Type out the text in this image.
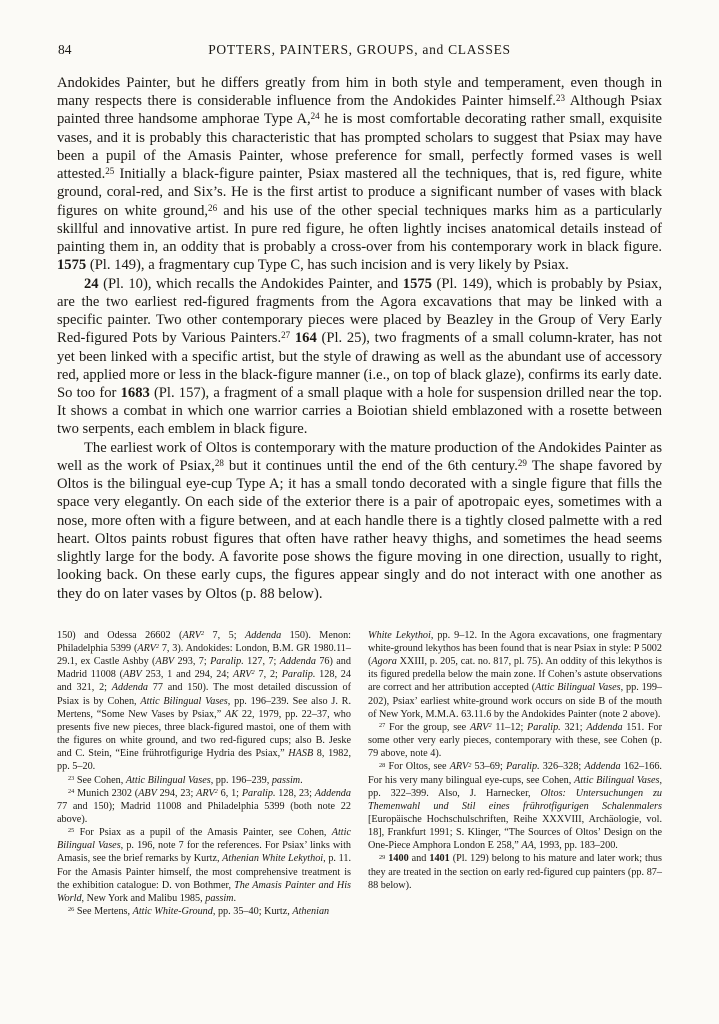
84	POTTERS, PAINTERS, GROUPS, and CLASSES

Andokides Painter, but he differs greatly from him in both style and temperament, even though in many respects there is considerable influence from the Andokides Painter himself.$^{23}$ Although Psiax painted three handsome amphorae Type A,$^{24}$ he is most comfortable decorating rather small, exquisite vases, and it is probably this characteristic that has prompted scholars to suggest that Psiax may have been a pupil of the Amasis Painter, whose preference for small, perfectly formed vases is well attested.$^{25}$ Initially a black-figure painter, Psiax mastered all the techniques, that is, red figure, white ground, coral-red, and Six’s. He is the first artist to produce a significant number of vases with black figures on white ground,$^{26}$ and his use of the other special techniques marks him as a particularly skillful and innovative artist. In pure red figure, he often lightly incises anatomical details instead of painting them in, an oddity that is probably a cross-over from his contemporary work in black figure. 1575 (Pl. 149), a fragmentary cup Type C, has such incision and is very likely by Psiax.

24 (Pl. 10), which recalls the Andokides Painter, and 1575 (Pl. 149), which is probably by Psiax, are the two earliest red-figured fragments from the Agora excavations that may be linked with a specific painter. Two other contemporary pieces were placed by Beazley in the Group of Very Early Red-figured Pots by Various Painters.$^{27}$ 164 (Pl. 25), two fragments of a small column-krater, has not yet been linked with a specific artist, but the style of drawing as well as the abundant use of accessory red, applied more or less in the black-figure manner (i.e., on top of black glaze), confirms its early date. So too for 1683 (Pl. 157), a fragment of a small plaque with a hole for suspension drilled near the top. It shows a combat in which one warrior carries a Boiotian shield emblazoned with a rosette between two serpents, each emblem in black figure.

The earliest work of Oltos is contemporary with the mature production of the Andokides Painter as well as the work of Psiax,$^{28}$ but it continues until the end of the 6th century.$^{29}$ The shape favored by Oltos is the bilingual eye-cup Type A; it has a small tondo decorated with a single figure that fills the space very elegantly. On each side of the exterior there is a pair of apotropaic eyes, sometimes with a nose, more often with a figure between, and at each handle there is a tightly closed palmette with a red heart. Oltos paints robust figures that often have rather heavy thighs, and sometimes the head seems slightly large for the body. A favorite pose shows the figure moving in one direction, usually to right, looking back. On these early cups, the figures appear singly and do not interact with one another as they do on later vases by Oltos (p. 88 below).

150) and Odessa 26602 (ARV$^2$ 7, 5; Addenda 150). Menon: Philadelphia 5399 (ARV$^2$ 7, 3). Andokides: London, B.M. GR 1980.11–29.1, ex Castle Ashby (ABV 293, 7; Paralip. 127, 7; Addenda 76) and Madrid 11008 (ABV 253, 1 and 294, 24; ARV$^2$ 7, 2; Paralip. 128, 24 and 321, 2; Addenda 77 and 150). The most detailed discussion of Psiax is by Cohen, Attic Bilingual Vases, pp. 196–239. See also J. R. Mertens, “Some New Vases by Psiax,” AK 22, 1979, pp. 22–37, who presents five new pieces, three black-figured mastoi, one of them with the figures on white ground, and two red-figured cups; also B. Jeske and C. Stein, “Eine frührotfigurige Hydria des Psiax,” HASB 8, 1982, pp. 5–20.

$^{23}$ See Cohen, Attic Bilingual Vases, pp. 196–239, passim.

$^{24}$ Munich 2302 (ABV 294, 23; ARV$^2$ 6, 1; Paralip. 128, 23; Addenda 77 and 150); Madrid 11008 and Philadelphia 5399 (both note 22 above).

$^{25}$ For Psiax as a pupil of the Amasis Painter, see Cohen, Attic Bilingual Vases, p. 196, note 7 for the references. For Psiax’ links with Amasis, see the brief remarks by Kurtz, Athenian White Lekythoi, p. 11. For the Amasis Painter himself, the most comprehensive treatment is the exhibition catalogue: D. von Bothmer, The Amasis Painter and His World, New York and Malibu 1985, passim.

$^{26}$ See Mertens, Attic White-Ground, pp. 35–40; Kurtz, Athenian

White Lekythoi, pp. 9–12. In the Agora excavations, one fragmentary white-ground lekythos has been found that is near Psiax in style: P 5002 (Agora XXIII, p. 205, cat. no. 817, pl. 75). An oddity of this lekythos is its figured predella below the main zone. If Cohen’s astute observations are correct and her attribution accepted (Attic Bilingual Vases, pp. 199–202), Psiax’ earliest white-ground work occurs on side B of the mouth of New York, M.M.A. 63.11.6 by the Andokides Painter (note 2 above).

$^{27}$ For the group, see ARV$^2$ 11–12; Paralip. 321; Addenda 151. For some other very early pieces, contemporary with these, see Cohen (p. 79 above, note 4).

$^{28}$ For Oltos, see ARV$^2$ 53–69; Paralip. 326–328; Addenda 162–166. For his very many bilingual eye-cups, see Cohen, Attic Bilingual Vases, pp. 322–399. Also, J. Harnecker, Oltos: Untersuchungen zu Themenwahl und Stil eines frührotfigurigen Schalenmalers [Europäische Hochschulschriften, Reihe XXXVIII, Archäologie, vol. 18], Frankfurt 1991; S. Klinger, “The Sources of Oltos’ Design on the One-Piece Amphora London E 258,” AA, 1993, pp. 183–200.

$^{29}$ 1400 and 1401 (Pl. 129) belong to his mature and later work; thus they are treated in the section on early red-figured cup painters (pp. 87–88 below).
